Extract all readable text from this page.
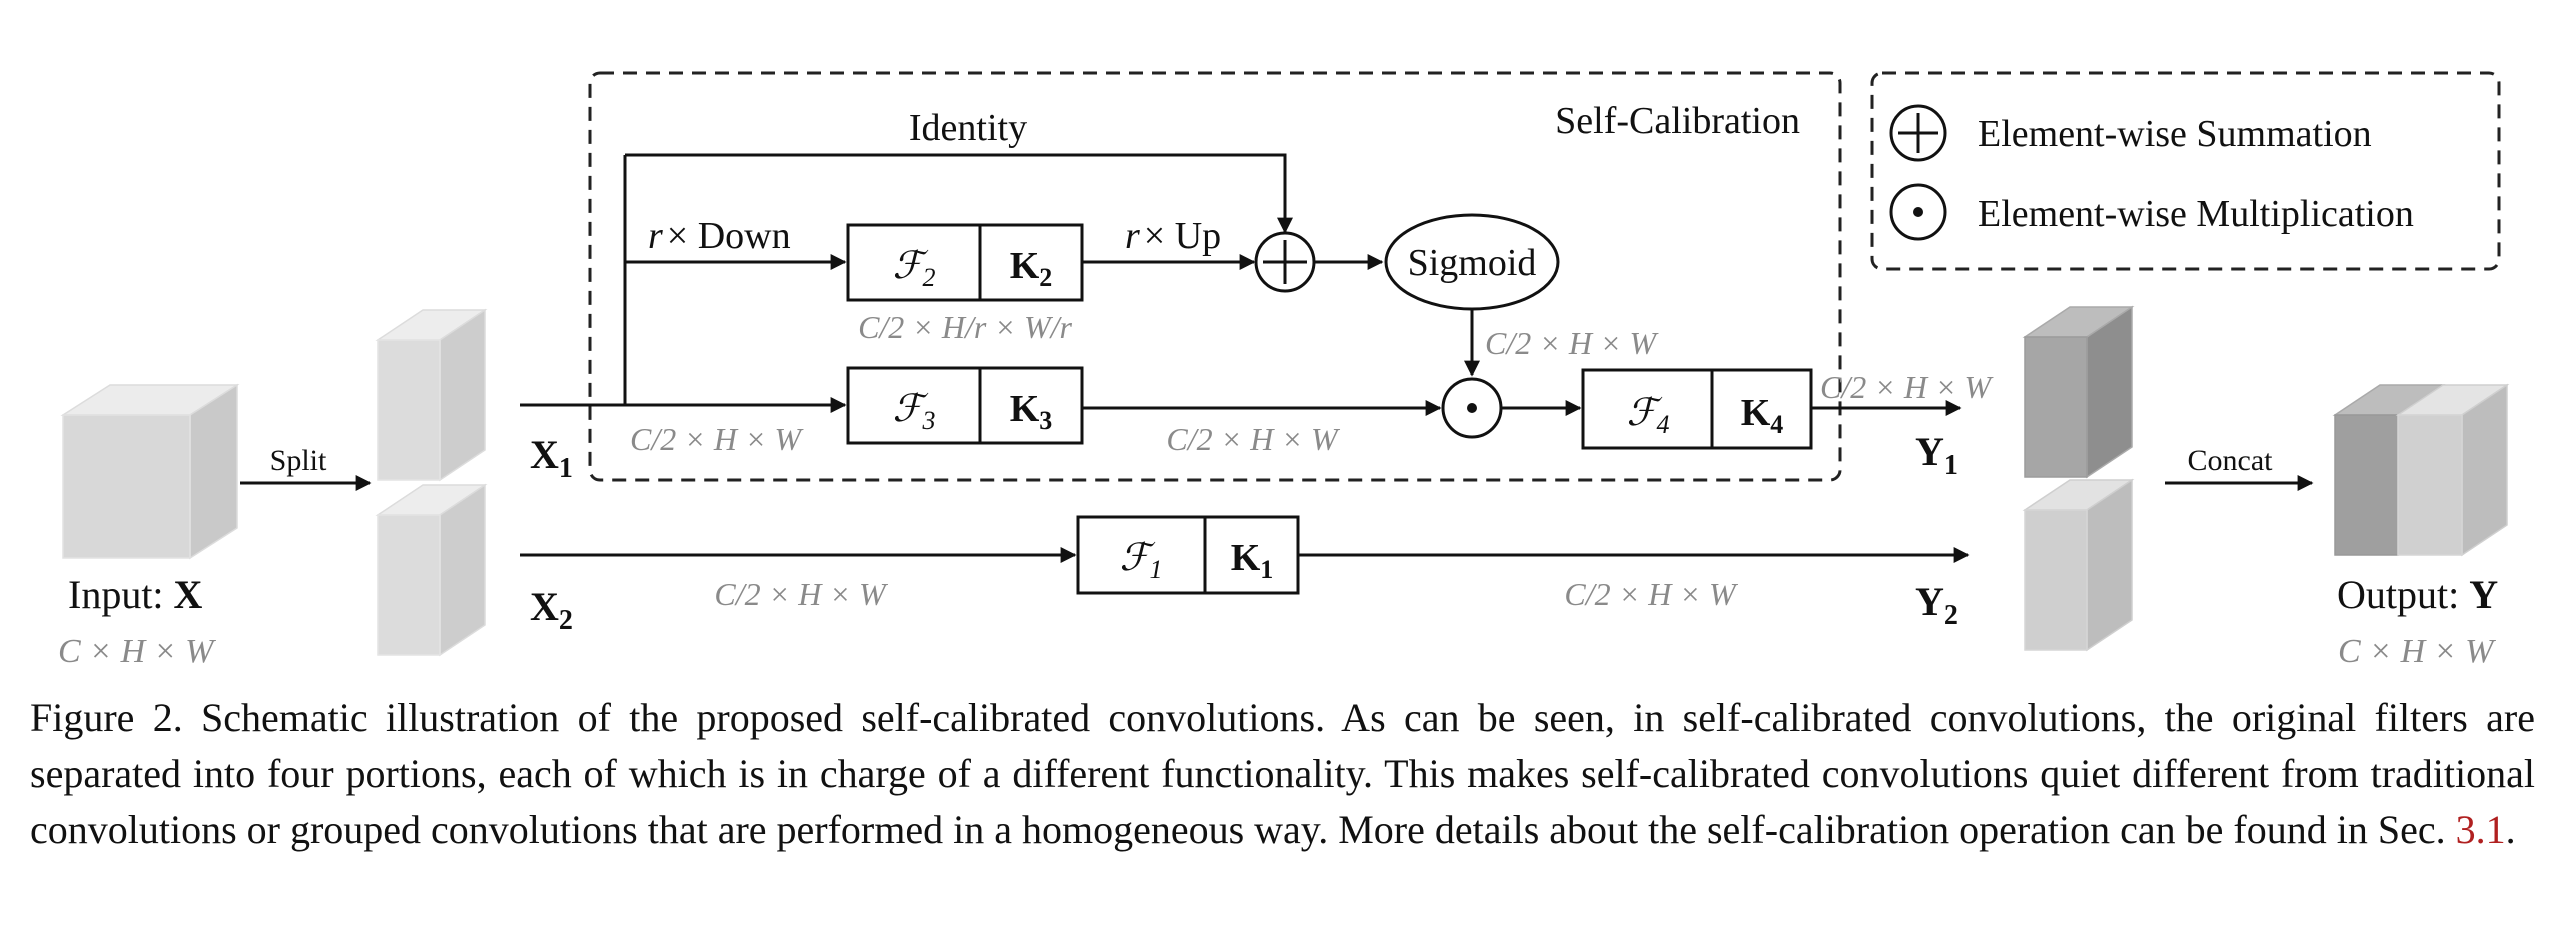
Self-Calibration	Element-wise Summation
Element-wise Multiplication
Input: X
C × H × W
Split	$X_1$
$X_2$
Identity
r × Down
ℱ$_2$ $K_2$
C/2 × H/r × W/r
r × Up
Sigmoid
C/2 × H × W
C/2 × H × W
ℱ$_3$ $K_3$
C/2 × H × W
ℱ$_4$ $K_4$
C/2 × H × W
C/2 × H × W
ℱ$_1$ $K_1$
C/2 × H × W
$Y_1$
$Y_2$
Concat
Output: Y
C × H × W
Figure 2. Schematic illustration of the proposed self-calibrated convolutions. As can be seen, in self-calibrated convolutions, the original filters are separated into four portions, each of which is in charge of a different functionality. This makes self-calibrated convolutions quiet different from traditional convolutions or grouped convolutions that are performed in a homogeneous way. More details about the self-calibration operation can be found in Sec. 3.1.
